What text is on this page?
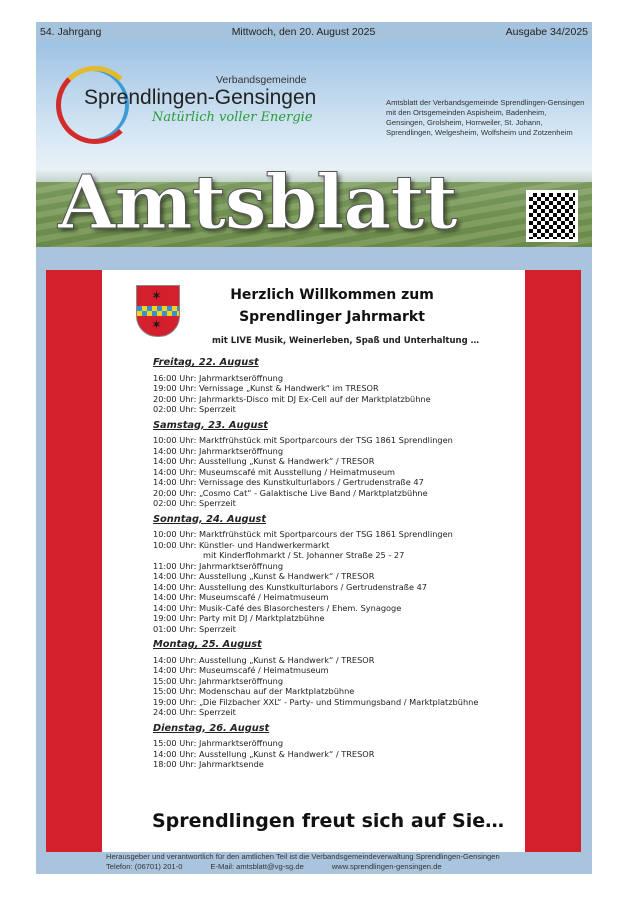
54. Jahrgang	Mittwoch, den 20. August 2025	Ausgabe 34/2025
Verbandsgemeinde
Sprendlingen-Gensingen
Natürlich voller Energie
Amtsblatt der Verbandsgemeinde Sprendlingen-Gensingen mit den Ortsgemeinden Aspisheim, Badenheim, Gensingen, Grolsheim, Horrweiler, St. Johann, Sprendlingen, Welgesheim, Wolfsheim und Zotzenheim
Amtsblatt
✶
✶
Herzlich Willkommen zum
Sprendlinger Jahrmarkt
mit LIVE Musik, Weinerleben, Spaß und Unterhaltung …
Freitag, 22. August
16:00 Uhr: Jahrmarktseröffnung
19:00 Uhr: Vernissage „Kunst & Handwerk“ im TRESOR
20:00 Uhr: Jahrmarkts-Disco mit DJ Ex-Cell auf der Marktplatzbühne
02:00 Uhr: Sperrzeit
Samstag, 23. August
10:00 Uhr: Marktfrühstück mit Sportparcours der TSG 1861 Sprendlingen
14:00 Uhr: Jahrmarktseröffnung
14:00 Uhr: Ausstellung „Kunst & Handwerk“ / TRESOR
14:00 Uhr: Museumscafé mit Ausstellung / Heimatmuseum
14:00 Uhr: Vernissage des Kunstkulturlabors / Gertrudenstraße 47
20:00 Uhr: „Cosmo Cat“ - Galaktische Live Band / Marktplatzbühne
02:00 Uhr: Sperrzeit
Sonntag, 24. August
10:00 Uhr: Marktfrühstück mit Sportparcours der TSG 1861 Sprendlingen
10:00 Uhr: Künstler- und Handwerkermarkt
mit Kinderflohmarkt / St. Johanner Straße 25 - 27
11:00 Uhr: Jahrmarktseröffnung
14:00 Uhr: Ausstellung „Kunst & Handwerk“ / TRESOR
14:00 Uhr: Ausstellung des Kunstkulturlabors / Gertrudenstraße 47
14:00 Uhr: Museumscafé / Heimatmuseum
14:00 Uhr: Musik-Café des Blasorchesters / Ehem. Synagoge
19:00 Uhr: Party mit DJ / Marktplatzbühne
01:00 Uhr: Sperrzeit
Montag, 25. August
14:00 Uhr: Ausstellung „Kunst & Handwerk“ / TRESOR
14:00 Uhr: Museumscafé / Heimatmuseum
15:00 Uhr: Jahrmarktseröffnung
15:00 Uhr: Modenschau auf der Marktplatzbühne
19:00 Uhr: „Die Filzbacher XXL“ - Party- und Stimmungsband / Marktplatzbühne
24:00 Uhr: Sperrzeit
Dienstag, 26. August
15:00 Uhr: Jahrmarktseröffnung
14:00 Uhr: Ausstellung „Kunst & Handwerk“ / TRESOR
18:00 Uhr: Jahrmarktsende
Sprendlingen freut sich auf Sie…
Herausgeber und verantwortlich für den amtlichen Teil ist die Verbandsgemeindeverwaltung Sprendlingen-Gensingen
Telefon: (06701) 201-0	E-Mail: amtsblatt@vg-sg.de	www.sprendlingen-gensingen.de
